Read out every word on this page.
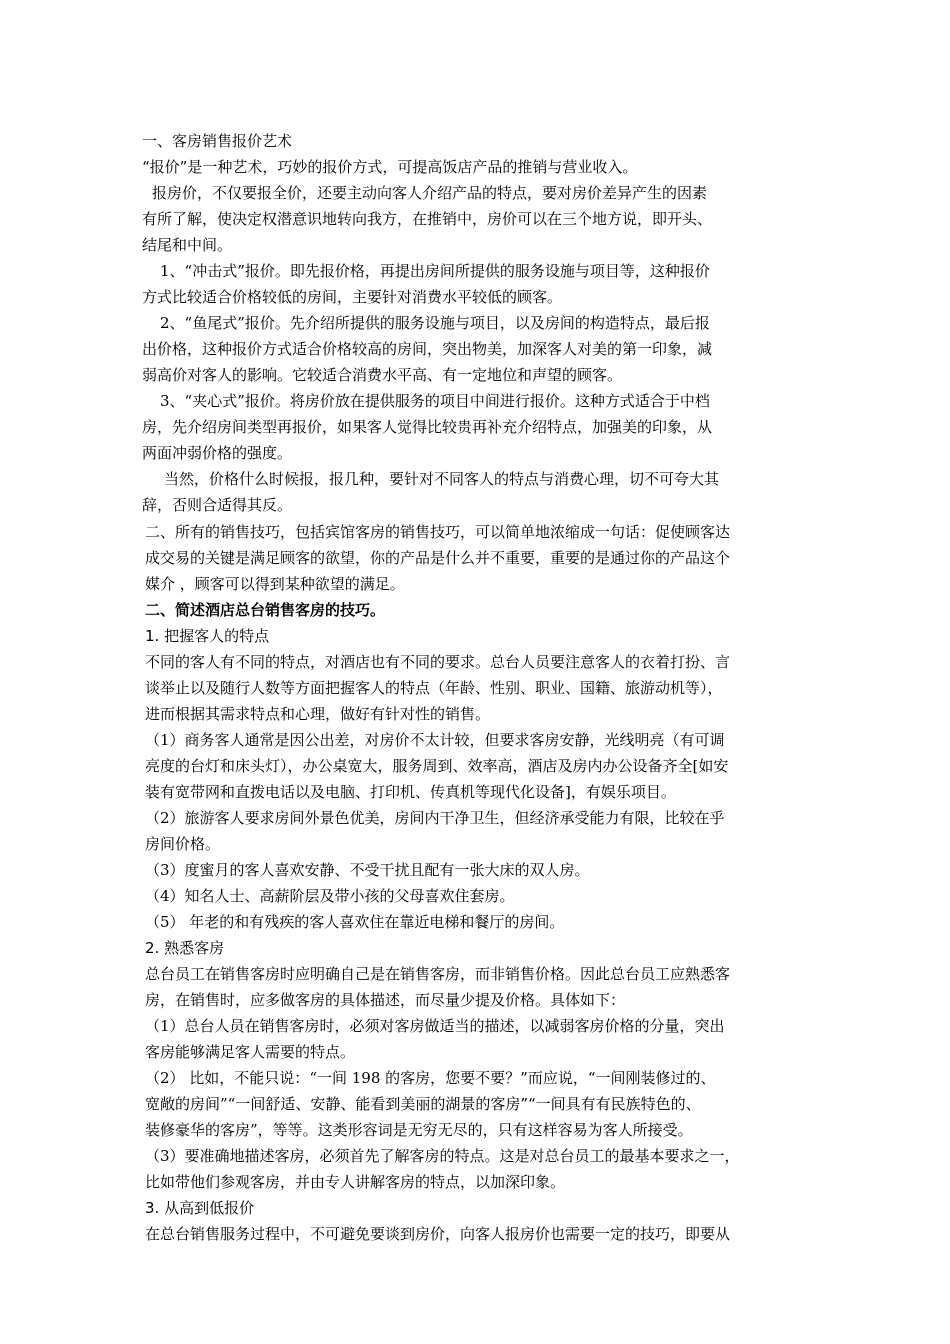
一、客房销售报价艺术
“报价”是一种艺术，巧妙的报价方式，可提高饭店产品的推销与营业收入。
报房价，不仅要报全价，还要主动向客人介绍产品的特点，要对房价差异产生的因素
有所了解，使决定权潜意识地转向我方，在推销中，房价可以在三个地方说，即开头、
结尾和中间。
1、“冲击式”报价。即先报价格，再提出房间所提供的服务设施与项目等，这种报价
方式比较适合价格较低的房间，主要针对消费水平较低的顾客。
2、“鱼尾式”报价。先介绍所提供的服务设施与项目，以及房间的构造特点，最后报
出价格，这种报价方式适合价格较高的房间，突出物美，加深客人对美的第一印象，减
弱高价对客人的影响。它较适合消费水平高、有一定地位和声望的顾客。
3、“夹心式”报价。将房价放在提供服务的项目中间进行报价。这种方式适合于中档
房，先介绍房间类型再报价，如果客人觉得比较贵再补充介绍特点，加强美的印象，从
两面冲弱价格的强度。
当然，价格什么时候报，报几种，要针对不同客人的特点与消费心理，切不可夸大其
辞，否则合适得其反。
二、所有的销售技巧，包括宾馆客房的销售技巧，可以简单地浓缩成一句话：促使顾客达
成交易的关键是满足顾客的欲望，你的产品是什么并不重要，重要的是通过你的产品这个
媒介 ，顾客可以得到某种欲望的满足。
二、简述酒店总台销售客房的技巧。
1. 把握客人的特点
不同的客人有不同的特点，对酒店也有不同的要求。总台人员要注意客人的衣着打扮、言
谈举止以及随行人数等方面把握客人的特点（年龄、性别、职业、国籍、旅游动机等），
进而根据其需求特点和心理，做好有针对性的销售。
（1）商务客人通常是因公出差，对房价不太计较，但要求客房安静，光线明亮（有可调
亮度的台灯和床头灯），办公桌宽大，服务周到、效率高，酒店及房内办公设备齐全[如安
装有宽带网和直拨电话以及电脑、打印机、传真机等现代化设备]，有娱乐项目。
（2）旅游客人要求房间外景色优美，房间内干净卫生，但经济承受能力有限，比较在乎
房间价格。
（3）度蜜月的客人喜欢安静、不受干扰且配有一张大床的双人房。
（4）知名人士、高薪阶层及带小孩的父母喜欢住套房。
（5） 年老的和有残疾的客人喜欢住在靠近电梯和餐厅的房间。
2. 熟悉客房
总台员工在销售客房时应明确自己是在销售客房，而非销售价格。因此总台员工应熟悉客
房，在销售时，应多做客房的具体描述，而尽量少提及价格。具体如下：
（1）总台人员在销售客房时，必须对客房做适当的描述，以减弱客房价格的分量，突出
客房能够满足客人需要的特点。
（2） 比如，不能只说：“一间 198 的客房，您要不要？”而应说，“一间刚装修过的、
宽敞的房间”“一间舒适、安静、能看到美丽的湖景的客房”“一间具有有民族特色的、
装修豪华的客房”，等等。这类形容词是无穷无尽的，只有这样容易为客人所接受。
（3）要准确地描述客房，必须首先了解客房的特点。这是对总台员工的最基本要求之一，
比如带他们参观客房，并由专人讲解客房的特点，以加深印象。
3. 从高到低报价
在总台销售服务过程中，不可避免要谈到房价，向客人报房价也需要一定的技巧，即要从
